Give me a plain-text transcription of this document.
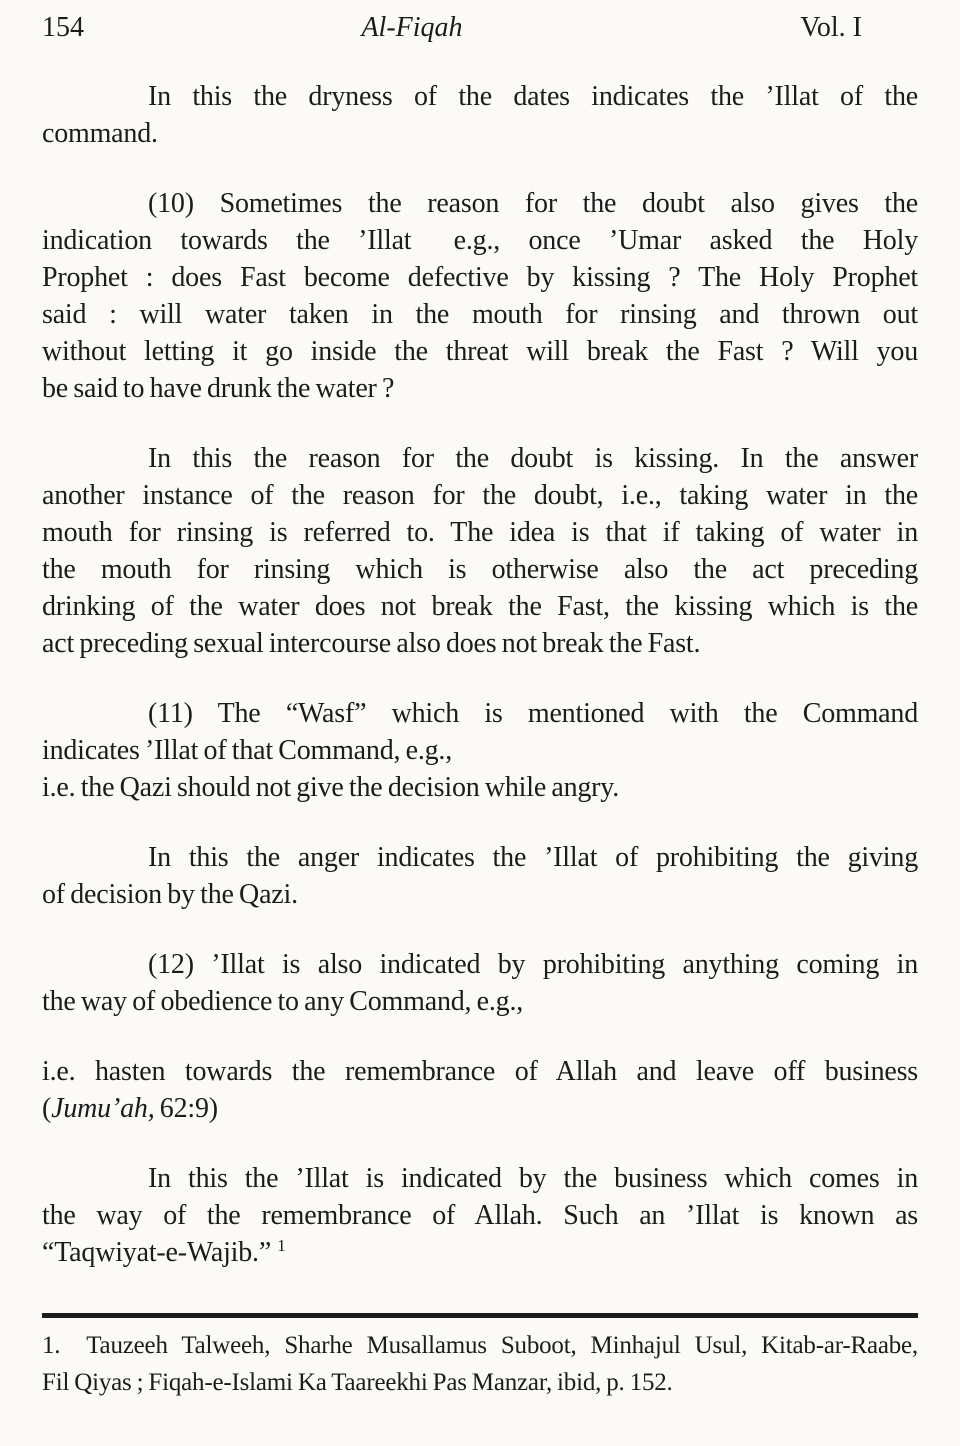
154	Al-Fiqah	Vol. I
In this the dryness of the dates indicates the ’Illat of the
command.
(10) Sometimes the reason for the doubt also gives the
indication towards the ’Illat  e.g., once ’Umar asked the Holy
Prophet : does Fast become defective by kissing ? The Holy Prophet
said : will water taken in the mouth for rinsing and thrown out
without letting it go inside the threat will break the Fast ? Will you
be said to have drunk the water ?
In this the reason for the doubt is kissing. In the answer
another instance of the reason for the doubt, i.e., taking water in the
mouth for rinsing is referred to. The idea is that if taking of water in
the mouth for rinsing which is otherwise also the act preceding
drinking of the water does not break the Fast, the kissing which is the
act preceding sexual intercourse also does not break the Fast.
(11) The “Wasf” which is mentioned with the Command
indicates ’Illat of that Command, e.g.,
i.e. the Qazi should not give the decision while angry.
In this the anger indicates the ’Illat of prohibiting the giving
of decision by the Qazi.
(12) ’Illat is also indicated by prohibiting anything coming in
the way of obedience to any Command, e.g.,
i.e. hasten towards the remembrance of Allah and leave off business
(Jumu’ah, 62:9)
In this the ’Illat is indicated by the business which comes in
the way of the remembrance of Allah. Such an ’Illat is known as
“Taqwiyat-e-Wajib.” $^1$
1.  Tauzeeh Talweeh, Sharhe Musallamus Suboot, Minhajul Usul, Kitab-ar-Raabe,
Fil Qiyas ; Fiqah-e-Islami Ka Taareekhi Pas Manzar, ibid, p. 152.
